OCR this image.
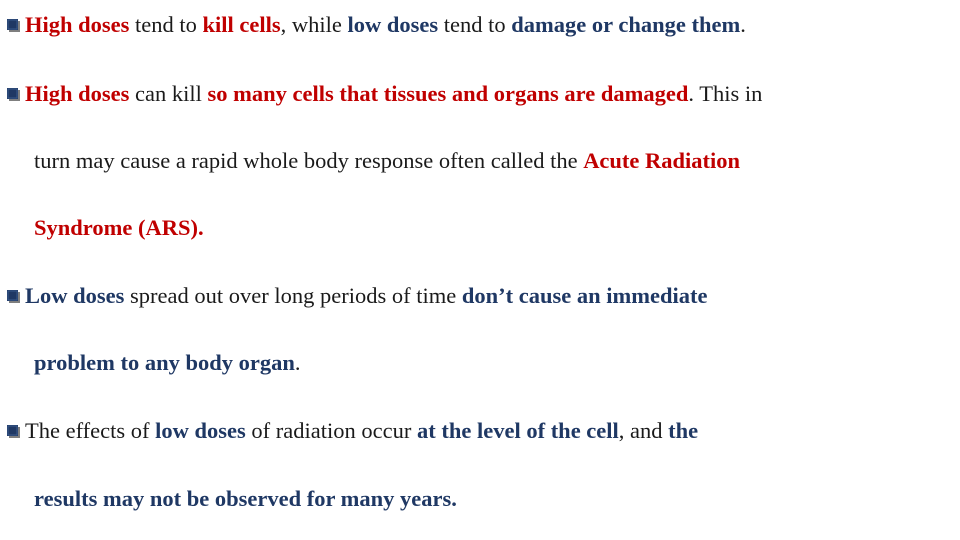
High doses tend to kill cells, while low doses tend to damage or change them.
High doses can kill so many cells that tissues and organs are damaged. This in
turn may cause a rapid whole body response often called the Acute Radiation
Syndrome (ARS).
Low doses spread out over long periods of time don’t cause an immediate
problem to any body organ.
The effects of low doses of radiation occur at the level of the cell, and the
results may not be observed for many years.
